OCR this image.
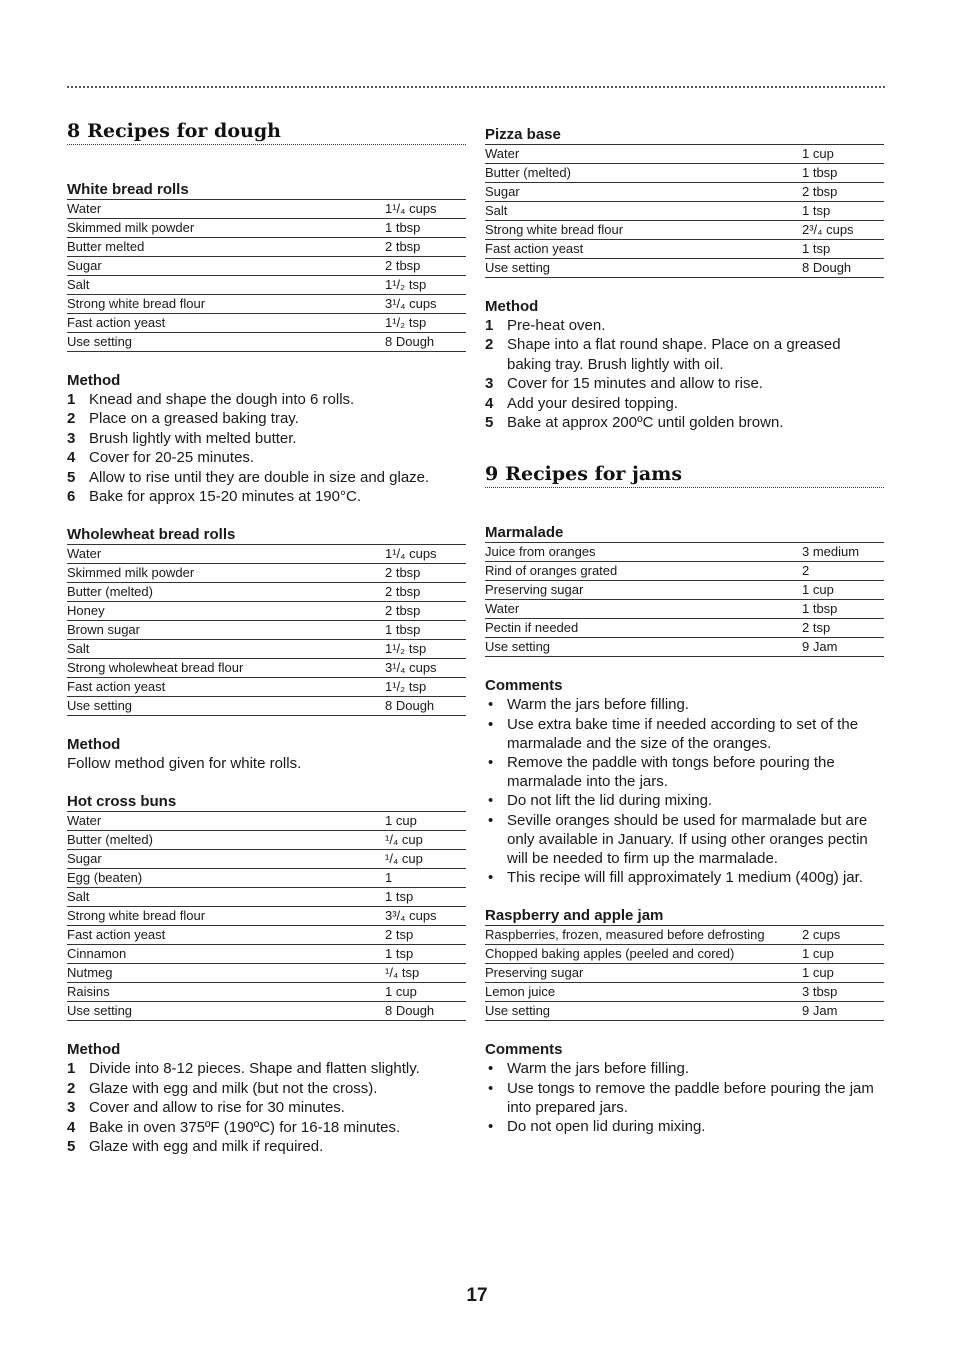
8 Recipes for dough
White bread rolls
Water	1¹/₄ cups
Skimmed milk powder	1 tbsp
Butter melted	2 tbsp
Sugar	2 tbsp
Salt	1¹/₂ tsp
Strong white bread flour	3¹/₄ cups
Fast action yeast	1¹/₂ tsp
Use setting	8 Dough
Method
1 Knead and shape the dough into 6 rolls.
2 Place on a greased baking tray.
3 Brush lightly with melted butter.
4 Cover for 20-25 minutes.
5 Allow to rise until they are double in size and glaze.
6 Bake for approx 15-20 minutes at 190°C.
Wholewheat bread rolls
Water	1¹/₄ cups
Skimmed milk powder	2 tbsp
Butter (melted)	2 tbsp
Honey	2 tbsp
Brown sugar	1 tbsp
Salt	1¹/₂ tsp
Strong wholewheat bread flour	3¹/₄ cups
Fast action yeast	1¹/₂ tsp
Use setting	8 Dough
Method

Follow method given for white rolls.

Hot cross buns
Water	1 cup
Butter (melted)	¹/₄ cup
Sugar	¹/₄ cup
Egg (beaten)	1
Salt	1 tsp
Strong white bread flour	3³/₄ cups
Fast action yeast	2 tsp
Cinnamon	1 tsp
Nutmeg	¹/₄ tsp
Raisins	1 cup
Use setting	8 Dough
Method
1 Divide into 8-12 pieces. Shape and flatten slightly.
2 Glaze with egg and milk (but not the cross).
3 Cover and allow to rise for 30 minutes.
4 Bake in oven 375ºF (190ºC) for 16-18 minutes.
5 Glaze with egg and milk if required.
Pizza base
Water	1 cup
Butter (melted)	1 tbsp
Sugar	2 tbsp
Salt	1 tsp
Strong white bread flour	2³/₄ cups
Fast action yeast	1 tsp
Use setting	8 Dough
Method
1 Pre-heat oven.
2 Shape into a flat round shape. Place on a greased baking tray. Brush lightly with oil.
3 Cover for 15 minutes and allow to rise.
4 Add your desired topping.
5 Bake at approx 200ºC until golden brown.
9 Recipes for jams
Marmalade
Juice from oranges	3 medium
Rind of oranges grated	2
Preserving sugar	1 cup
Water	1 tbsp
Pectin if needed	2 tsp
Use setting	9 Jam
Comments
• Warm the jars before filling.
• Use extra bake time if needed according to set of the marmalade and the size of the oranges.
• Remove the paddle with tongs before pouring the marmalade into the jars.
• Do not lift the lid during mixing.
• Seville oranges should be used for marmalade but are only available in January. If using other oranges pectin will be needed to firm up the marmalade.
• This recipe will fill approximately 1 medium (400g) jar.
Raspberry and apple jam
Raspberries, frozen, measured before defrosting	2 cups
Chopped baking apples (peeled and cored)	1 cup
Preserving sugar	1 cup
Lemon juice	3 tbsp
Use setting	9 Jam
Comments
• Warm the jars before filling.
• Use tongs to remove the paddle before pouring the jam into prepared jars.
• Do not open lid during mixing.
17
